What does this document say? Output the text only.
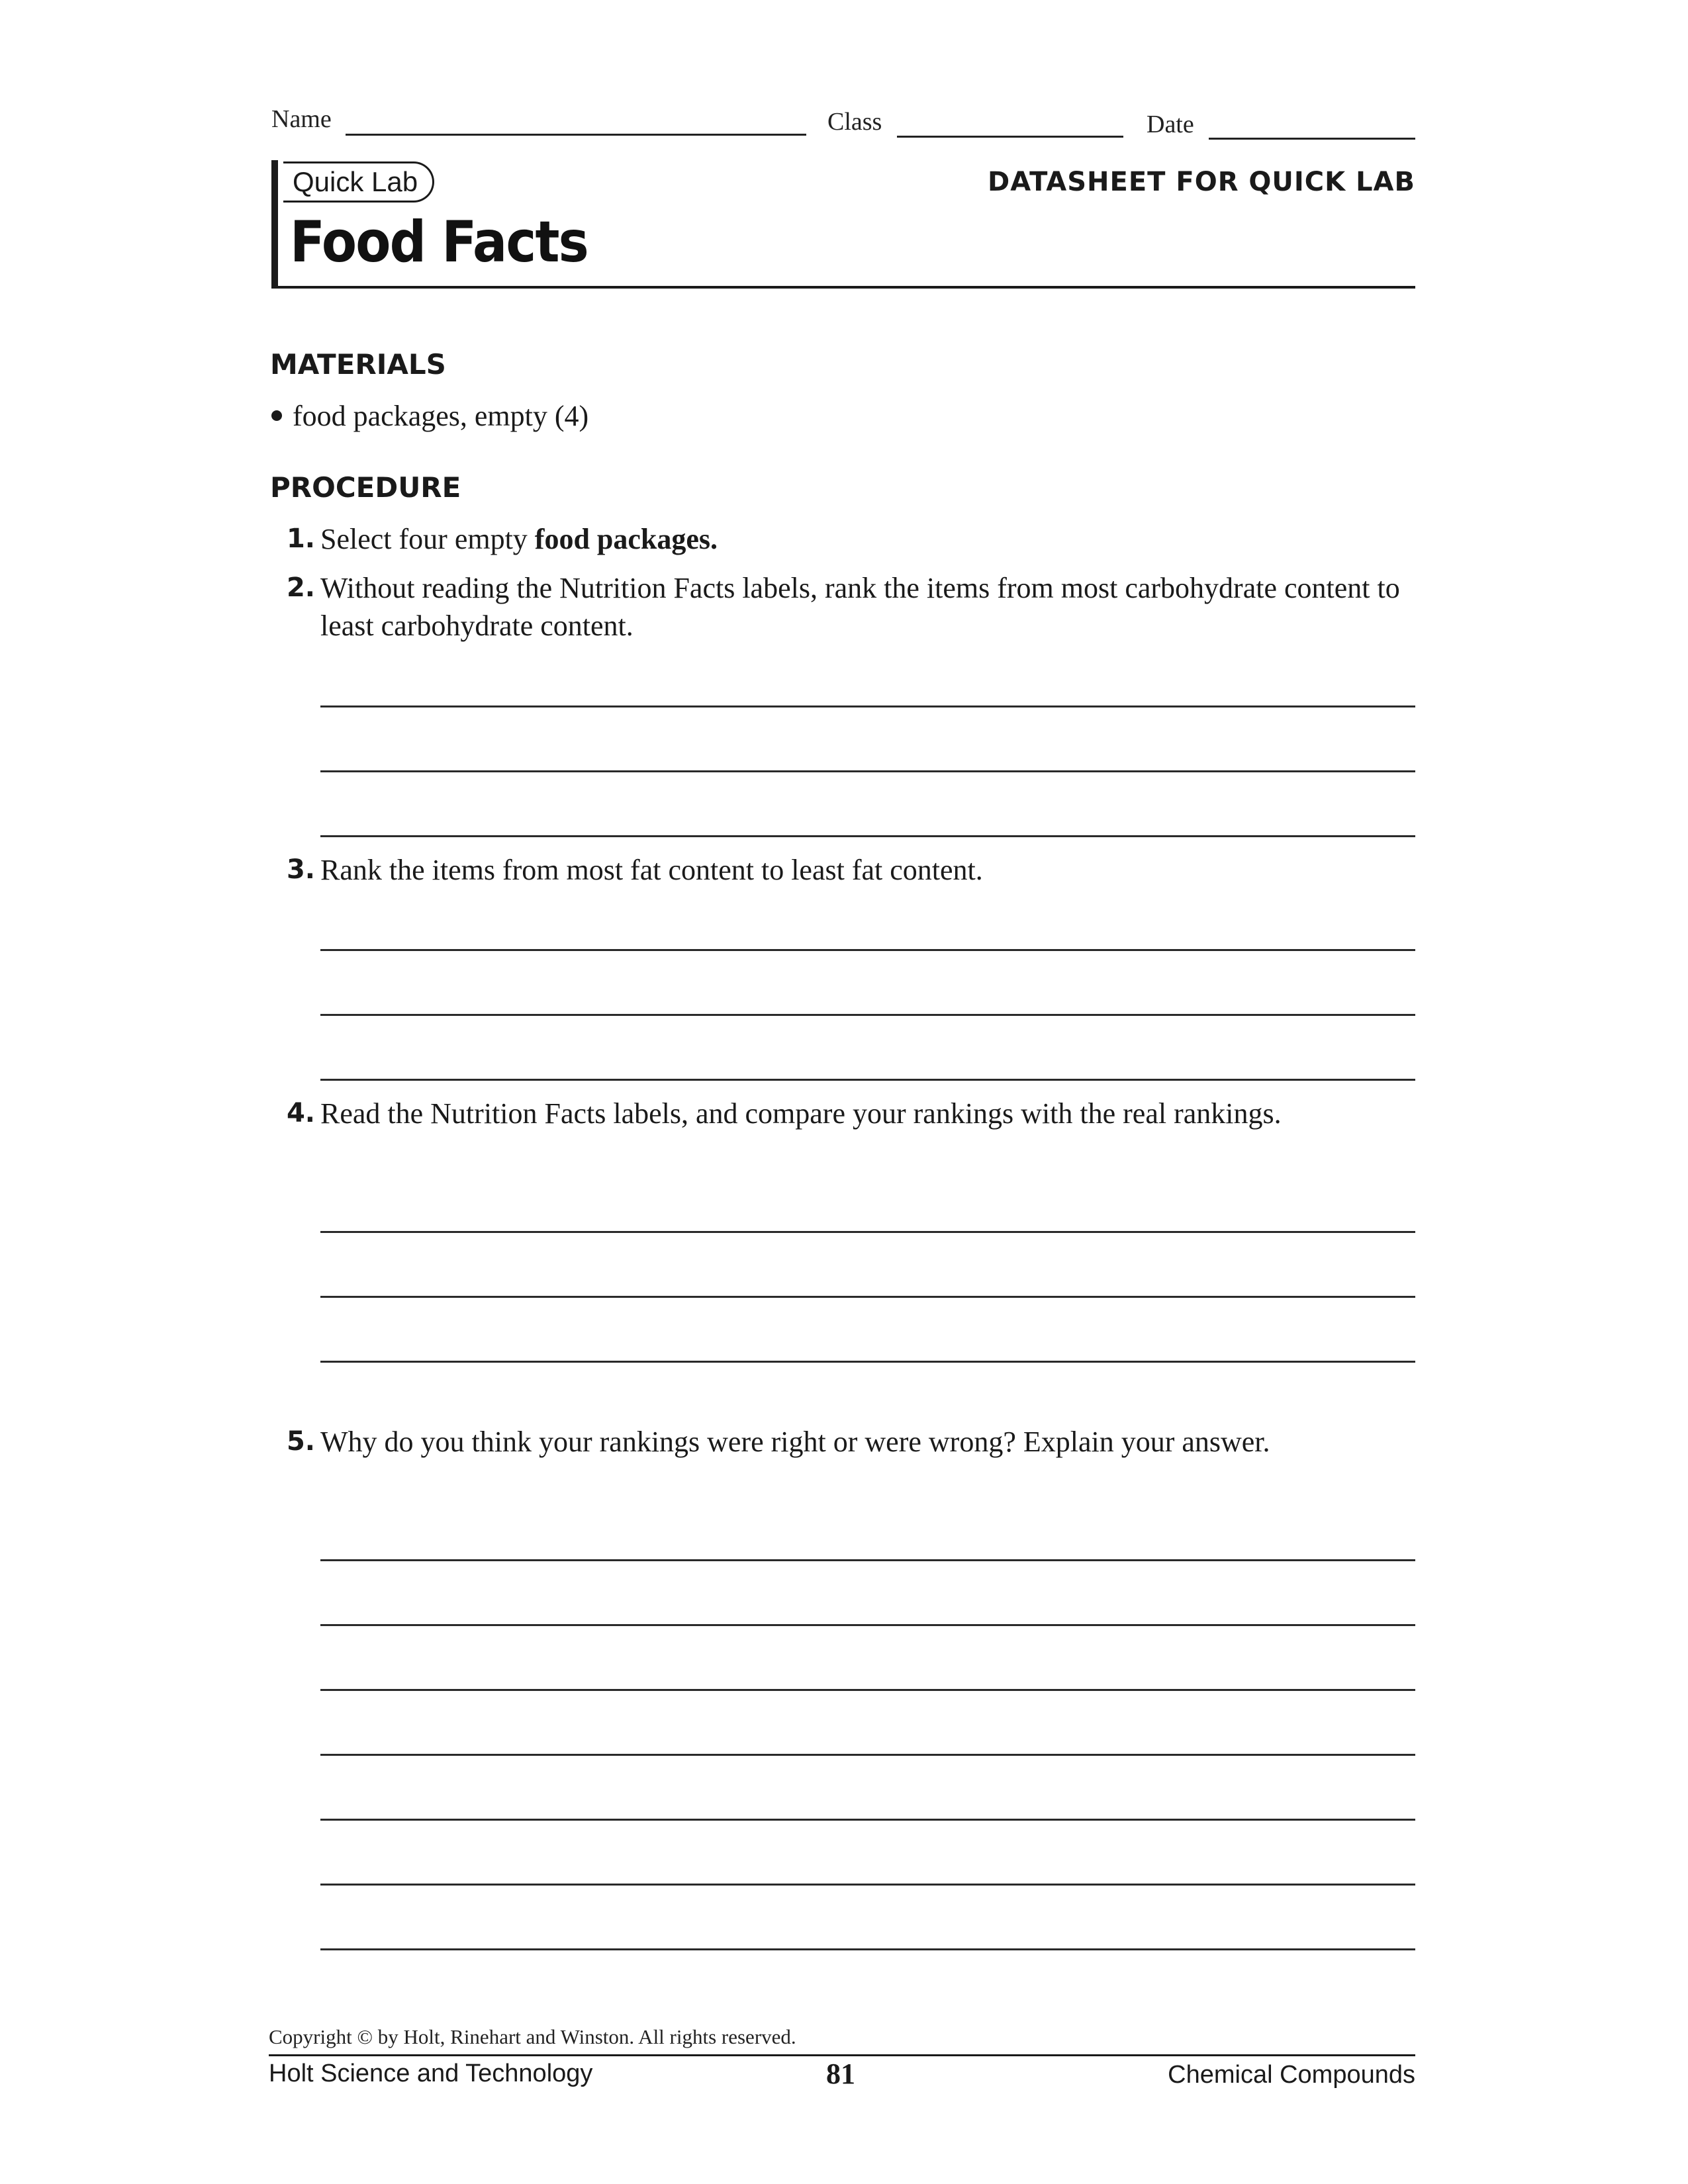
Name	Class	Date
Quick Lab
Food Facts
DATASHEET FOR QUICK LAB
MATERIALS
food packages, empty (4)
PROCEDURE
1. Select four empty food packages.
2. Without reading the Nutrition Facts labels, rank the items from most carbohydrate content to least carbohydrate content.
3. Rank the items from most fat content to least fat content.
4. Read the Nutrition Facts labels, and compare your rankings with the real rankings.
5. Why do you think your rankings were right or were wrong? Explain your answer.
Copyright © by Holt, Rinehart and Winston. All rights reserved.
Holt Science and Technology	81	Chemical Compounds
